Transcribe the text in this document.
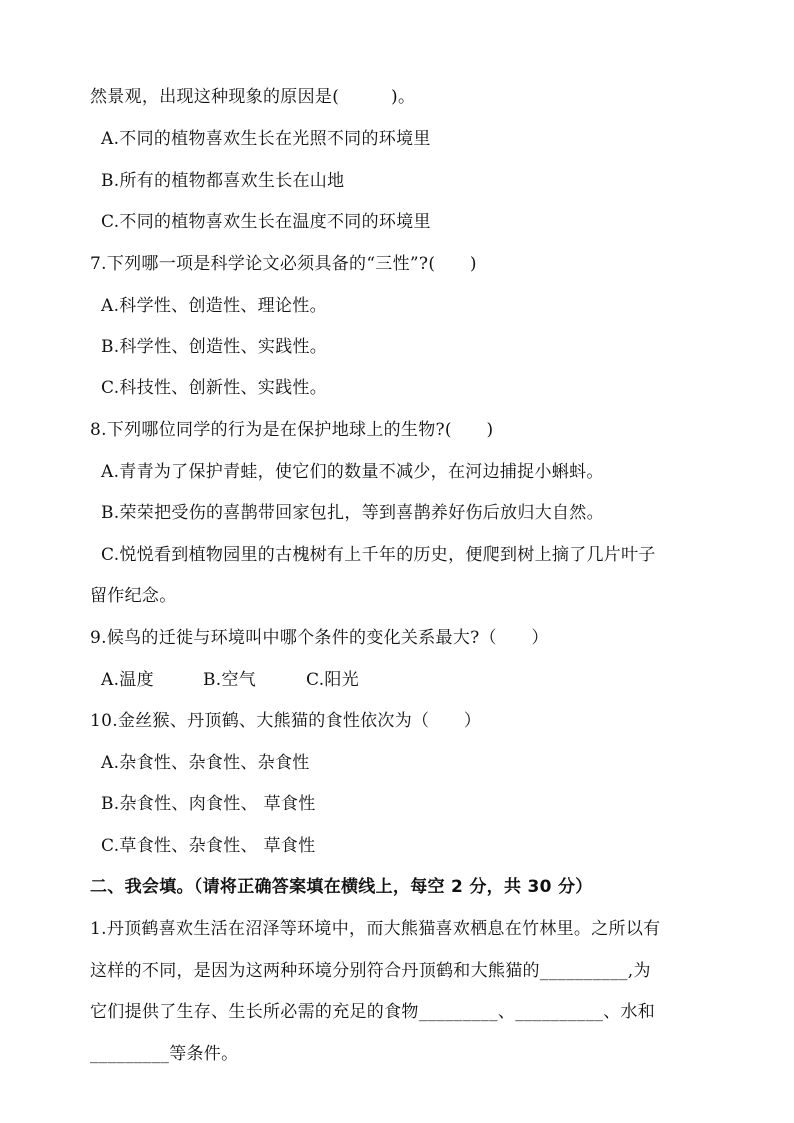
然景观，出现这种现象的原因是(　　　)。
A.不同的植物喜欢生长在光照不同的环境里
B.所有的植物都喜欢生长在山地
C.不同的植物喜欢生长在温度不同的环境里
7.下列哪一项是科学论文必须具备的“三性”?(　　)
A.科学性、创造性、理论性。
B.科学性、创造性、实践性。
C.科技性、创新性、实践性。
8.下列哪位同学的行为是在保护地球上的生物?(　　)
A.青青为了保护青蛙，使它们的数量不减少，在河边捕捉小蝌蚪。
B.荣荣把受伤的喜鹊带回家包扎，等到喜鹊养好伤后放归大自然。
C.悦悦看到植物园里的古槐树有上千年的历史，便爬到树上摘了几片叶子
留作纪念。
9.候鸟的迁徙与环境叫中哪个条件的变化关系最大?（　　）
A.温度	B.空气	C.阳光
10.金丝猴、丹顶鹤、大熊猫的食性依次为（　　）
A.杂食性、杂食性、杂食性
B.杂食性、肉食性、 草食性
C.草食性、杂食性、 草食性
二、我会填。（请将正确答案填在横线上，每空 2 分，共 30 分）
1.丹顶鹤喜欢生活在沼泽等环境中，而大熊猫喜欢栖息在竹林里。之所以有
这样的不同，是因为这两种环境分别符合丹顶鹤和大熊猫的__________,为
它们提供了生存、生长所必需的充足的食物_________、__________、水和
_________等条件。
